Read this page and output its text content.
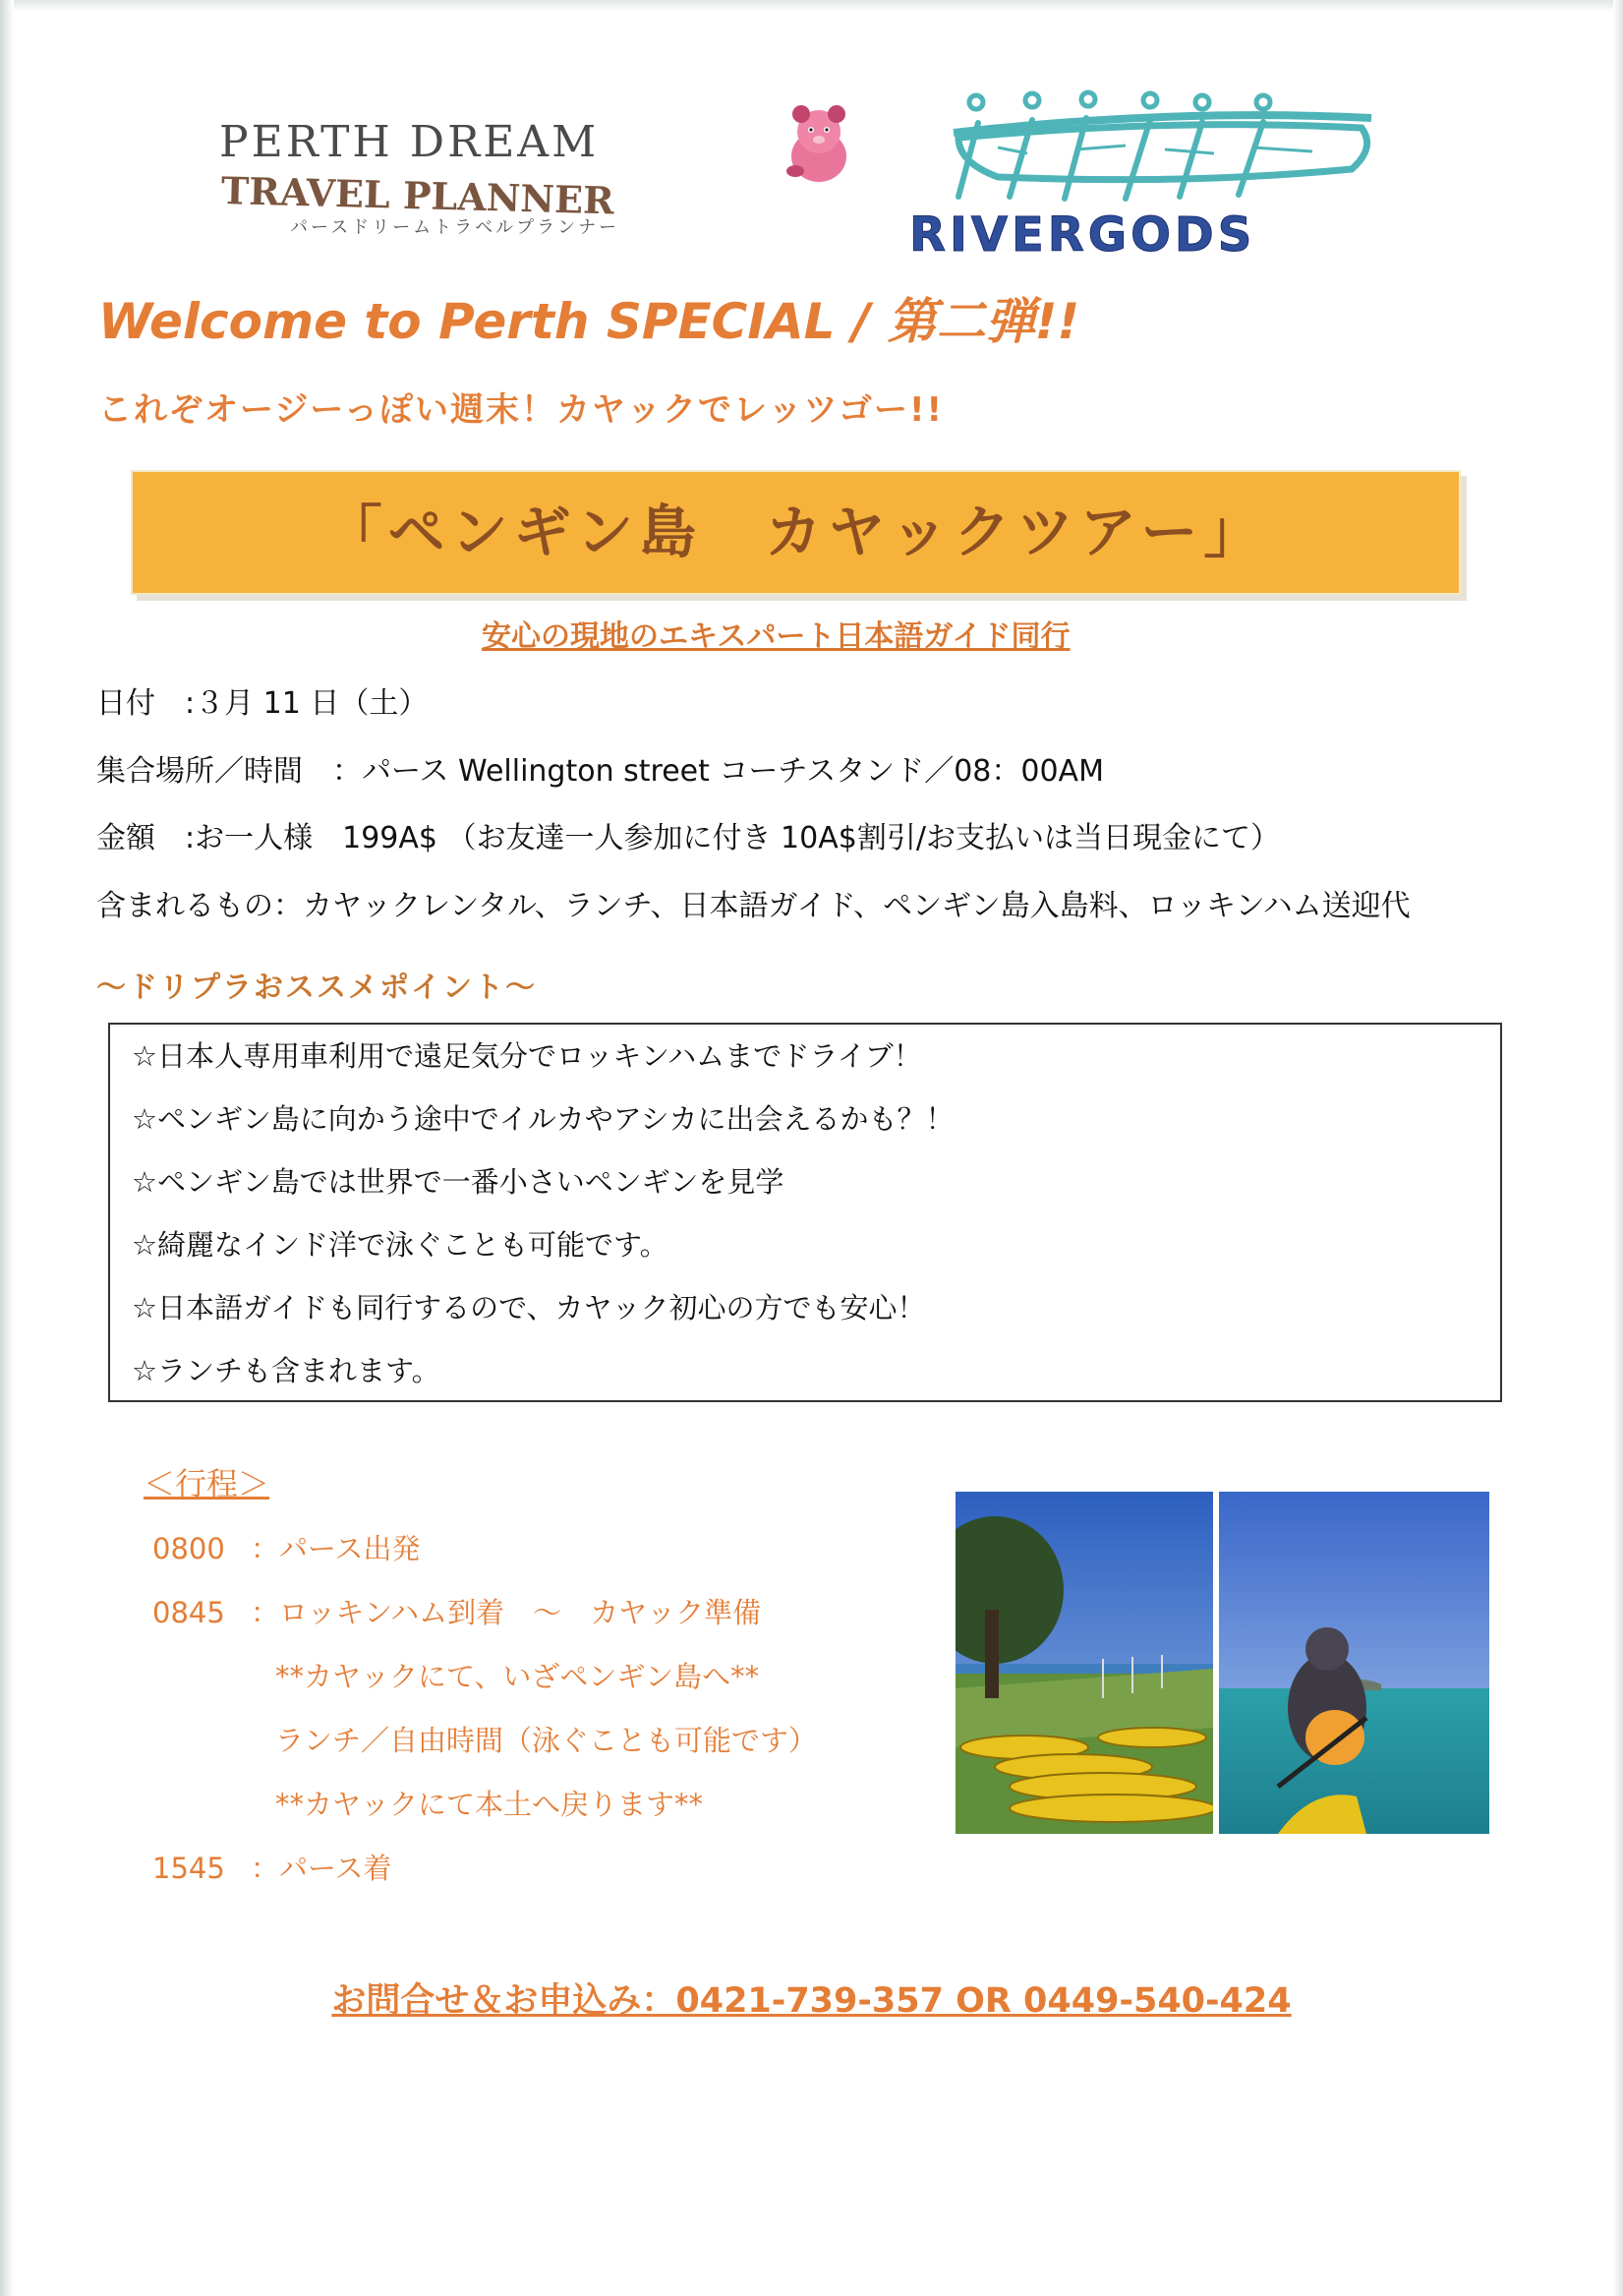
PERTH DREAM
TRAVEL PLANNER
パースドリームトラベルプランナー	RIVERGODS
Welcome to Perth SPECIAL / 第二弾!!
これぞオージーっぽい週末！カヤックでレッツゴー!!
「ペンギン島　カヤックツアー」
安心の現地のエキスパート日本語ガイド同行
日付　:３月 11 日（土）
集合場所／時間　：パース Wellington street コーチスタンド／08：00AM
金額　:お一人様　199A$ （お友達一人参加に付き 10A$割引/お支払いは当日現金にて）
含まれるもの：カヤックレンタル、ランチ、日本語ガイド、ペンギン島入島料、ロッキンハム送迎代
～ドリプラおススメポイント～
☆日本人専用車利用で遠足気分でロッキンハムまでドライブ！
☆ペンギン島に向かう途中でイルカやアシカに出会えるかも？！
☆ペンギン島では世界で一番小さいペンギンを見学
☆綺麗なインド洋で泳ぐことも可能です。
☆日本語ガイドも同行するので、カヤック初心の方でも安心！
☆ランチも含まれます。
＜行程＞
0800 ：パース出発
0845 ：ロッキンハム到着　～　カヤック準備
**カヤックにて、いざペンギン島へ**
ランチ／自由時間（泳ぐことも可能です）
**カヤックにて本土へ戻ります**
1545 ：パース着
お問合せ＆お申込み：0421-739-357 OR 0449-540-424
